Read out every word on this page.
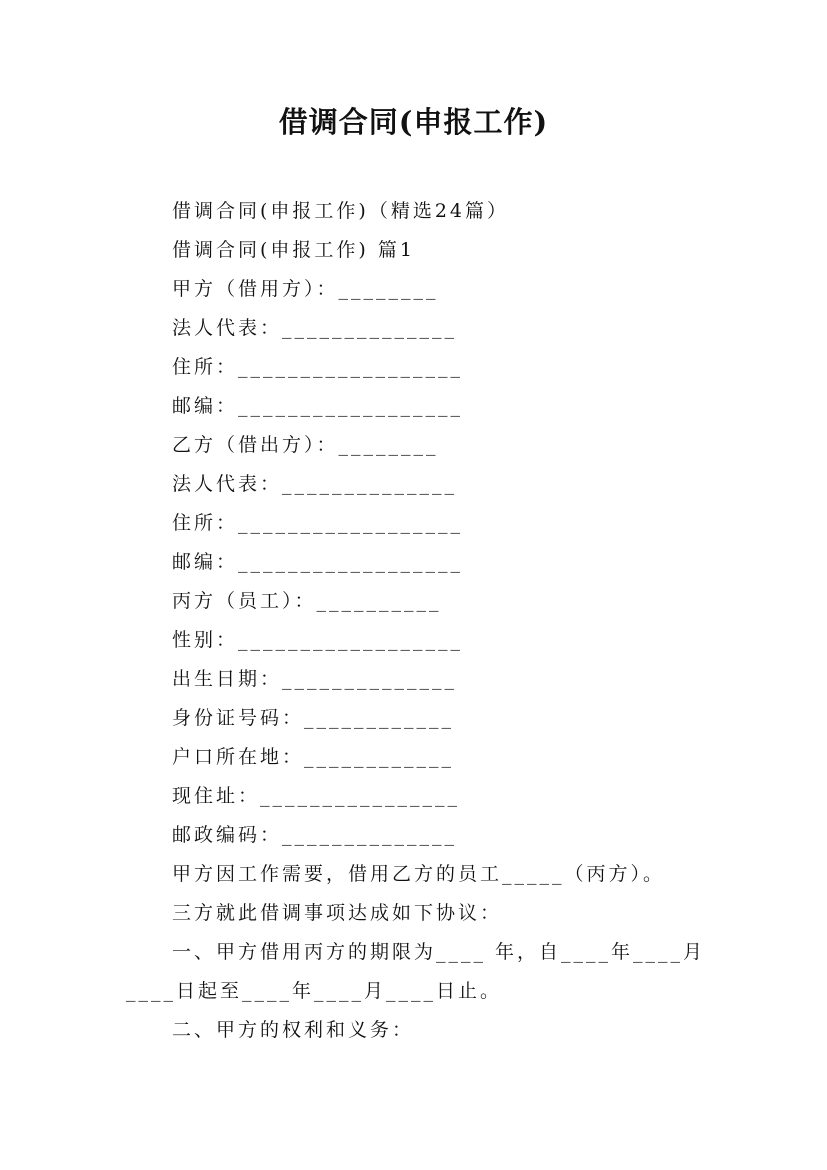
借调合同(申报工作)
借调合同(申报工作)（精选24篇）
借调合同(申报工作) 篇1
甲方（借用方）：________
法人代表：______________
住所：__________________
邮编：__________________
乙方（借出方）：________
法人代表：______________
住所：__________________
邮编：__________________
丙方（员工）：__________
性别：__________________
出生日期：______________
身份证号码：____________
户口所在地：____________
现住址：________________
邮政编码：______________
甲方因工作需要，借用乙方的员工_____（丙方）。
三方就此借调事项达成如下协议：
一、甲方借用丙方的期限为____ 年，自____年____月
____日起至____年____月____日止。
二、甲方的权利和义务：
